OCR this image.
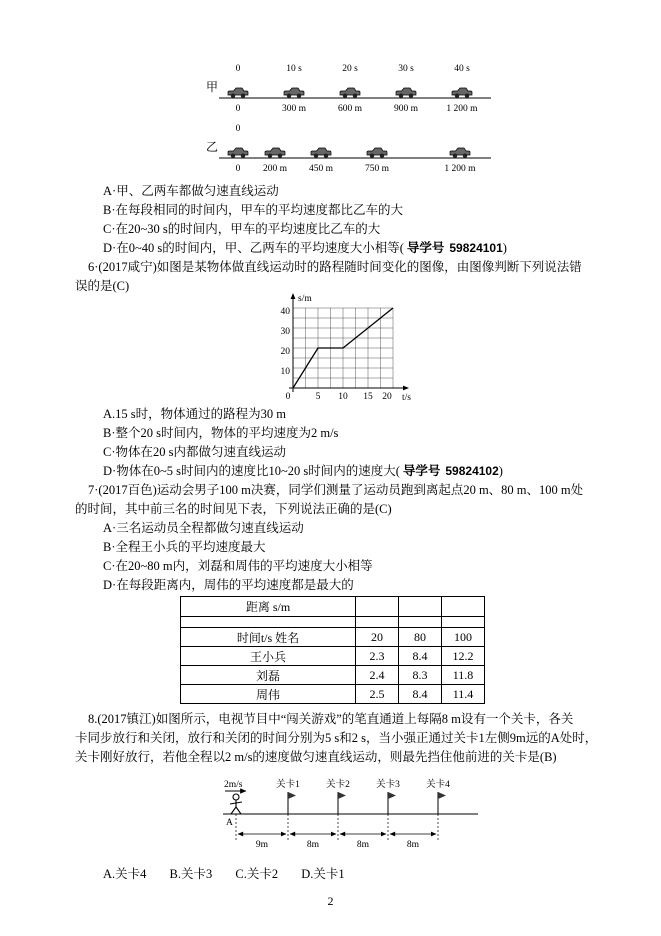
甲
0	10 s	20 s	30 s	40 s
0	300 m	600 m	900 m	1 200 m
0
乙
0 200 m 450 m	750 m	1 200 m
A·甲、乙两车都做匀速直线运动
B·在每段相同的时间内，甲车的平均速度都比乙车的大
C·在20~30 s的时间内，甲车的平均速度比乙车的大
D·在0~40 s的时间内，甲、乙两车的平均速度大小相等( 导学号 59824101)
6·(2017咸宁)如图是某物体做直线运动时的路程随时间变化的图像，由图像判断下列说法错
误的是(C)
s/m
t/s
10
20
30
40
0	5 10 15 20
A.15 s时，物体通过的路程为30 m
B·整个20 s时间内，物体的平均速度为2 m/s
C·物体在20 s内都做匀速直线运动
D·物体在0~5 s时间内的速度比10~20 s时间内的速度大( 导学号 59824102)
7·(2017百色)运动会男子100 m决赛，同学们测量了运动员跑到离起点20 m、80 m、100 m处
的时间，其中前三名的时间见下表，下列说法正确的是(C)
A·三名运动员全程都做匀速直线运动
B·全程王小兵的平均速度最大
C·在20~80 m内，刘磊和周伟的平均速度大小相等
D·在每段距离内，周伟的平均速度都是最大的
距离 s/m			

时间t/s 姓名	20	80	100
王小兵	2.3	8.4	12.2
刘磊	2.4	8.3	11.8
周伟	2.5	8.4	11.4
8.(2017镇江)如图所示，电视节目中“闯关游戏”的笔直通道上每隔8 m设有一个关卡，各关
卡同步放行和关闭，放行和关闭的时间分别为5 s和2 s，当小强正通过关卡1左侧9m远的A处时，
关卡刚好放行，若他全程以2 m/s的速度做匀速直线运动，则最先挡住他前进的关卡是(B)
2m/s	关卡1	关卡2	关卡3	关卡4
A
9m	8m	8m	8m
A.关卡4 B.关卡3 C.关卡2 D.关卡1
2
